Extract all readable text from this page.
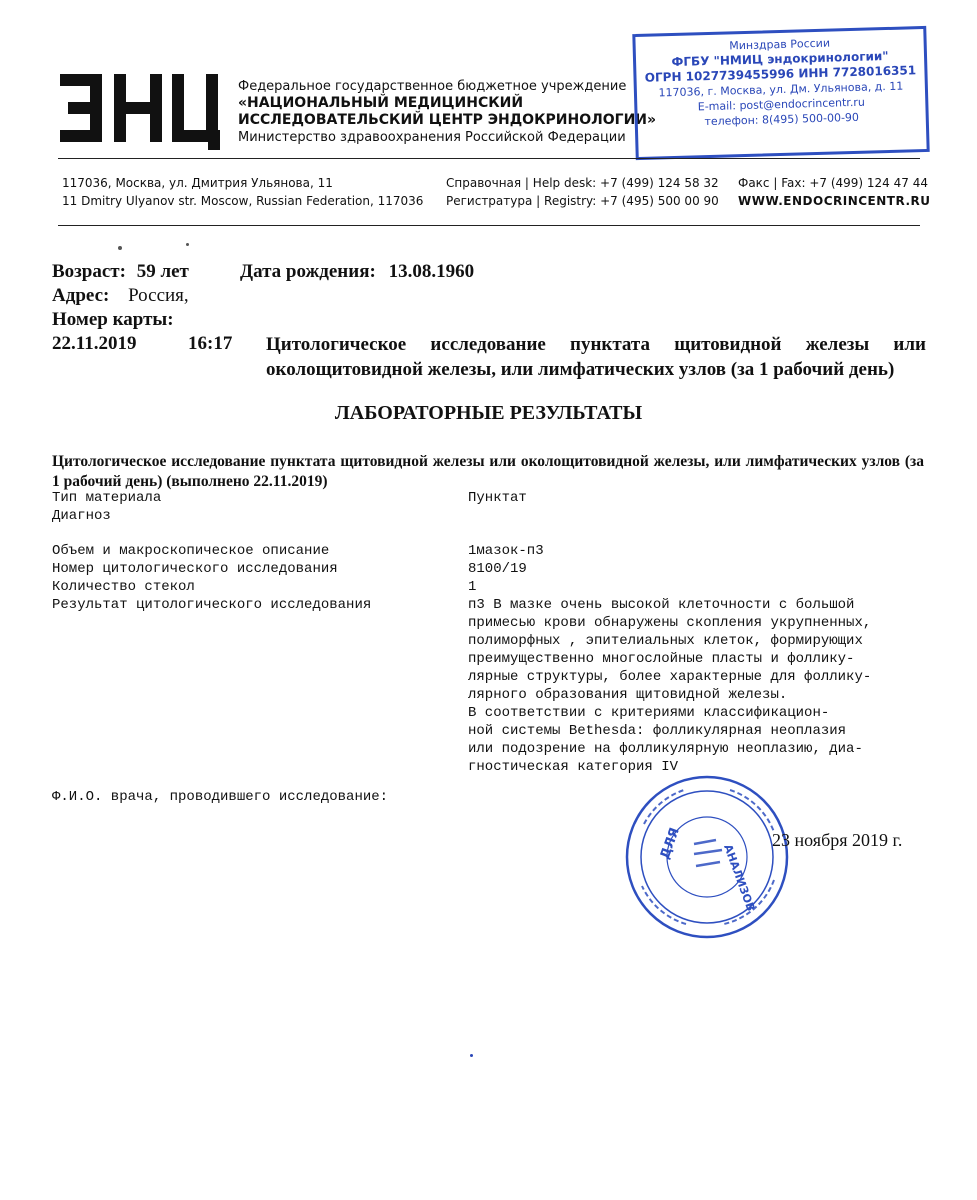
Федеральное государственное бюджетное учреждение
«НАЦИОНАЛЬНЫЙ МЕДИЦИНСКИЙ
ИССЛЕДОВАТЕЛЬСКИЙ ЦЕНТР ЭНДОКРИНОЛОГИИ»
Министерство здравоохранения Российской Федерации
Минздрав России
ФГБУ "НМИЦ эндокринологии"
ОГРН 1027739455996 ИНН 7728016351
117036, г. Москва, ул. Дм. Ульянова, д. 11
E-mail: post@endocrincentr.ru
телефон: 8(495) 500-00-90
117036, Москва, ул. Дмитрия Ульянова, 11
11 Dmitry Ulyanov str. Moscow, Russian Federation, 117036
Справочная | Help desk: +7 (499) 124 58 32
Регистратура | Registry: +7 (495) 500 00 90
Факс | Fax: +7 (499) 124 47 44
WWW.ENDOCRINCENTR.RU
Возраст: 59 лет	Дата рождения: 13.08.1960
Адрес: Россия,
Номер карты:
22.11.2019	16:17 Цитологическое исследование пунктата щитовидной железы или околощитовидной железы, или лимфатических узлов (за 1 рабочий день)
ЛАБОРАТОРНЫЕ РЕЗУЛЬТАТЫ
Цитологическое исследование пунктата щитовидной железы или околощитовидной железы, или лимфатических узлов (за 1 рабочий день) (выполнено 22.11.2019)
Тип материала	Пунктат
Диагноз
Объем и макроскопическое описание	1мазок-п3
Номер цитологического исследования	8100/19
Количество стекол	1
Результат цитологического исследования	п3 В мазке очень высокой клеточности с большой
примесью крови обнаружены скопления укрупненных,
полиморфных , эпителиальных клеток, формирующих
преимущественно многослойные пласты и фоллику-
лярные структуры, более характерные для фоллику-
лярного образования щитовидной железы.
В соответствии с критериями классификацион-
ной системы Bethesda: фолликулярная неоплазия
или подозрение на фолликулярную неоплазию, диа-
гностическая категория IV
Ф.И.О. врача, проводившего исследование:
ДЛЯ	АНАЛИЗОВ
23 ноября 2019 г.
